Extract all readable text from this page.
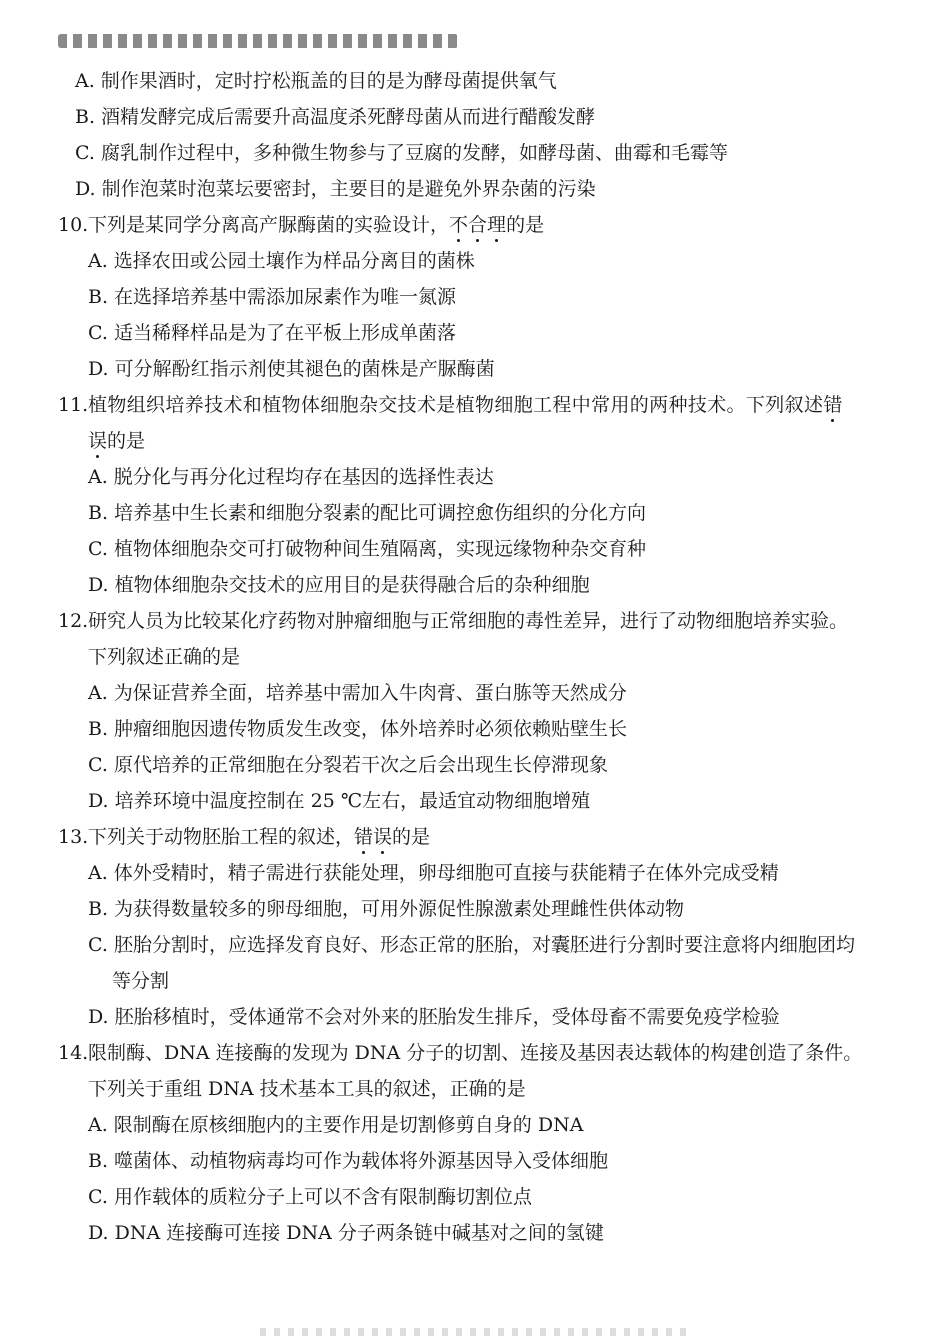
A. 制作果酒时，定时拧松瓶盖的目的是为酵母菌提供氧气
B. 酒精发酵完成后需要升高温度杀死酵母菌从而进行醋酸发酵
C. 腐乳制作过程中，多种微生物参与了豆腐的发酵，如酵母菌、曲霉和毛霉等
D. 制作泡菜时泡菜坛要密封，主要目的是避免外界杂菌的污染
10. 下列是某同学分离高产脲酶菌的实验设计，不合理的是
A. 选择农田或公园土壤作为样品分离目的菌株
B. 在选择培养基中需添加尿素作为唯一氮源
C. 适当稀释样品是为了在平板上形成单菌落
D. 可分解酚红指示剂使其褪色的菌株是产脲酶菌
11. 植物组织培养技术和植物体细胞杂交技术是植物细胞工程中常用的两种技术。下列叙述错
误的是
A. 脱分化与再分化过程均存在基因的选择性表达
B. 培养基中生长素和细胞分裂素的配比可调控愈伤组织的分化方向
C. 植物体细胞杂交可打破物种间生殖隔离，实现远缘物种杂交育种
D. 植物体细胞杂交技术的应用目的是获得融合后的杂种细胞
12. 研究人员为比较某化疗药物对肿瘤细胞与正常细胞的毒性差异，进行了动物细胞培养实验。
下列叙述正确的是
A. 为保证营养全面，培养基中需加入牛肉膏、蛋白胨等天然成分
B. 肿瘤细胞因遗传物质发生改变，体外培养时必须依赖贴壁生长
C. 原代培养的正常细胞在分裂若干次之后会出现生长停滞现象
D. 培养环境中温度控制在 25 ℃左右，最适宜动物细胞增殖
13. 下列关于动物胚胎工程的叙述，错误的是
A. 体外受精时，精子需进行获能处理，卵母细胞可直接与获能精子在体外完成受精
B. 为获得数量较多的卵母细胞，可用外源促性腺激素处理雌性供体动物
C. 胚胎分割时，应选择发育良好、形态正常的胚胎，对囊胚进行分割时要注意将内细胞团均
等分割
D. 胚胎移植时，受体通常不会对外来的胚胎发生排斥，受体母畜不需要免疫学检验
14. 限制酶、DNA 连接酶的发现为 DNA 分子的切割、连接及基因表达载体的构建创造了条件。
下列关于重组 DNA 技术基本工具的叙述，正确的是
A. 限制酶在原核细胞内的主要作用是切割修剪自身的 DNA
B. 噬菌体、动植物病毒均可作为载体将外源基因导入受体细胞
C. 用作载体的质粒分子上可以不含有限制酶切割位点
D. DNA 连接酶可连接 DNA 分子两条链中碱基对之间的氢键
